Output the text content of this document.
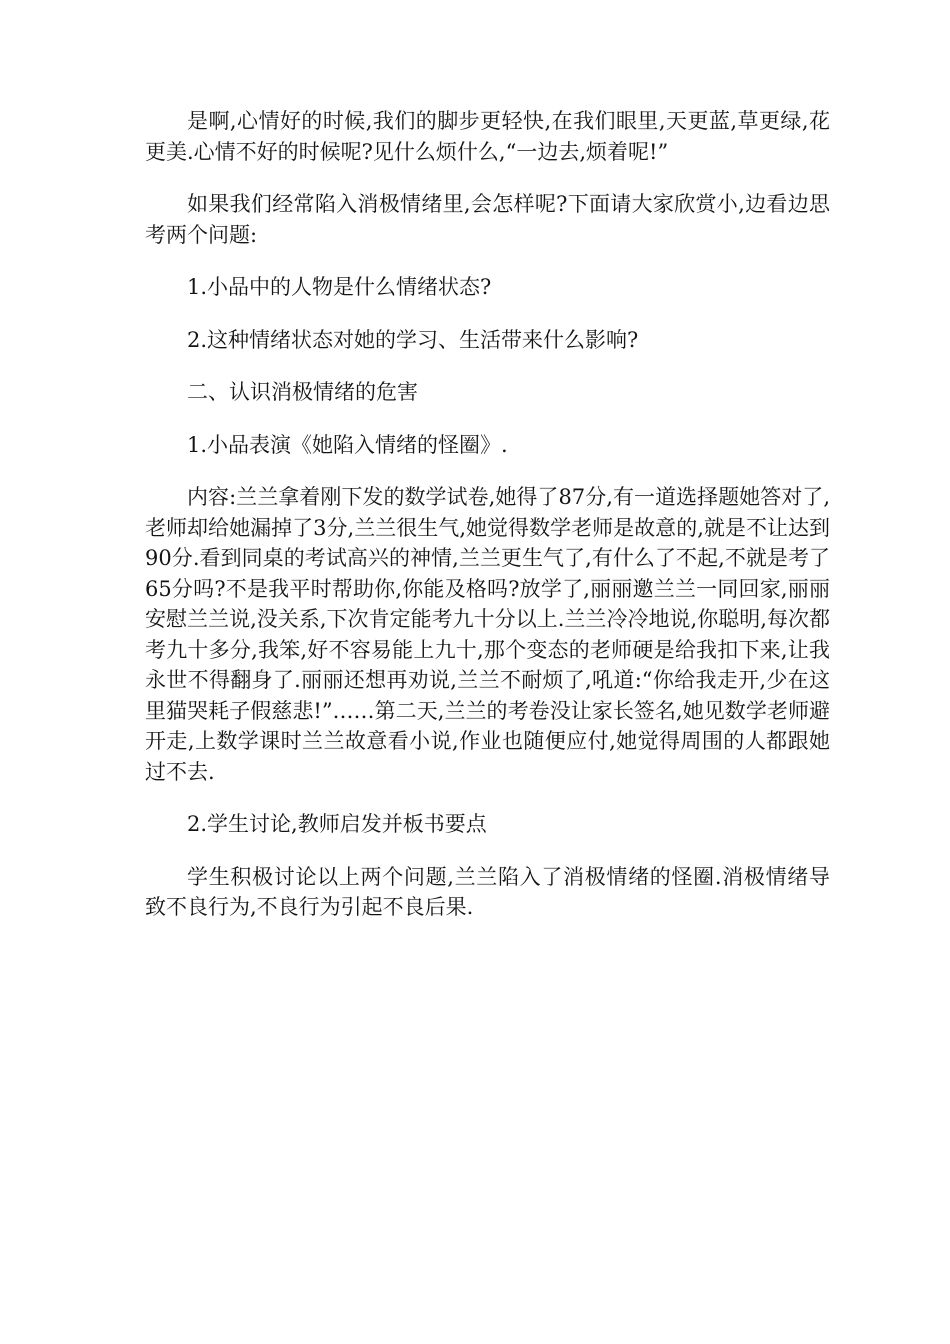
是啊,心情好的时候,我们的脚步更轻快,在我们眼里,天更蓝,草更绿,花更美.心情不好的时候呢?见什么烦什么,“一边去,烦着呢!”

如果我们经常陷入消极情绪里,会怎样呢?下面请大家欣赏小,边看边思考两个问题:

1.小品中的人物是什么情绪状态?

2.这种情绪状态对她的学习、生活带来什么影响?

二、认识消极情绪的危害

1.小品表演《她陷入情绪的怪圈》.

内容:兰兰拿着刚下发的数学试卷,她得了87分,有一道选择题她答对了,老师却给她漏掉了3分,兰兰很生气,她觉得数学老师是故意的,就是不让达到90分.看到同桌的考试高兴的神情,兰兰更生气了,有什么了不起,不就是考了65分吗?不是我平时帮助你,你能及格吗?放学了,丽丽邀兰兰一同回家,丽丽安慰兰兰说,没关系,下次肯定能考九十分以上.兰兰冷冷地说,你聪明,每次都考九十多分,我笨,好不容易能上九十,那个变态的老师硬是给我扣下来,让我永世不得翻身了.丽丽还想再劝说,兰兰不耐烦了,吼道:“你给我走开,少在这里猫哭耗子假慈悲!”……第二天,兰兰的考卷没让家长签名,她见数学老师避开走,上数学课时兰兰故意看小说,作业也随便应付,她觉得周围的人都跟她过不去.

2.学生讨论,教师启发并板书要点

学生积极讨论以上两个问题,兰兰陷入了消极情绪的怪圈.消极情绪导致不良行为,不良行为引起不良后果.
